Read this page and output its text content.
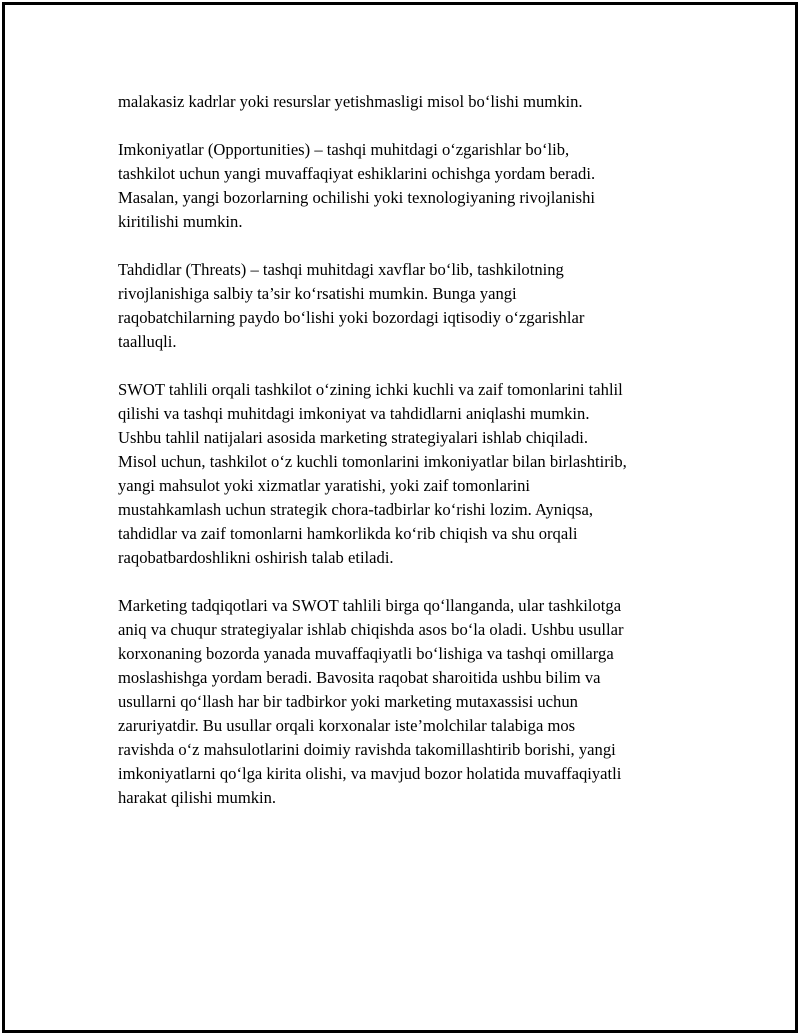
malakasiz kadrlar yoki resurslar yetishmasligi misol bo‘lishi mumkin.

Imkoniyatlar (Opportunities) – tashqi muhitdagi o‘zgarishlar bo‘lib,
tashkilot uchun yangi muvaffaqiyat eshiklarini ochishga yordam beradi.
Masalan, yangi bozorlarning ochilishi yoki texnologiyaning rivojlanishi
kiritilishi mumkin.

Tahdidlar (Threats) – tashqi muhitdagi xavflar bo‘lib, tashkilotning
rivojlanishiga salbiy ta’sir ko‘rsatishi mumkin. Bunga yangi
raqobatchilarning paydo bo‘lishi yoki bozordagi iqtisodiy o‘zgarishlar
taalluqli.

SWOT tahlili orqali tashkilot o‘zining ichki kuchli va zaif tomonlarini tahlil
qilishi va tashqi muhitdagi imkoniyat va tahdidlarni aniqlashi mumkin.
Ushbu tahlil natijalari asosida marketing strategiyalari ishlab chiqiladi.
Misol uchun, tashkilot o‘z kuchli tomonlarini imkoniyatlar bilan birlashtirib,
yangi mahsulot yoki xizmatlar yaratishi, yoki zaif tomonlarini
mustahkamlash uchun strategik chora-tadbirlar ko‘rishi lozim. Ayniqsa,
tahdidlar va zaif tomonlarni hamkorlikda ko‘rib chiqish va shu orqali
raqobatbardoshlikni oshirish talab etiladi.

Marketing tadqiqotlari va SWOT tahlili birga qo‘llanganda, ular tashkilotga
aniq va chuqur strategiyalar ishlab chiqishda asos bo‘la oladi. Ushbu usullar
korxonaning bozorda yanada muvaffaqiyatli bo‘lishiga va tashqi omillarga
moslashishga yordam beradi. Bavosita raqobat sharoitida ushbu bilim va
usullarni qo‘llash har bir tadbirkor yoki marketing mutaxassisi uchun
zaruriyatdir. Bu usullar orqali korxonalar iste’molchilar talabiga mos
ravishda o‘z mahsulotlarini doimiy ravishda takomillashtirib borishi, yangi
imkoniyatlarni qo‘lga kirita olishi, va mavjud bozor holatida muvaffaqiyatli
harakat qilishi mumkin.
